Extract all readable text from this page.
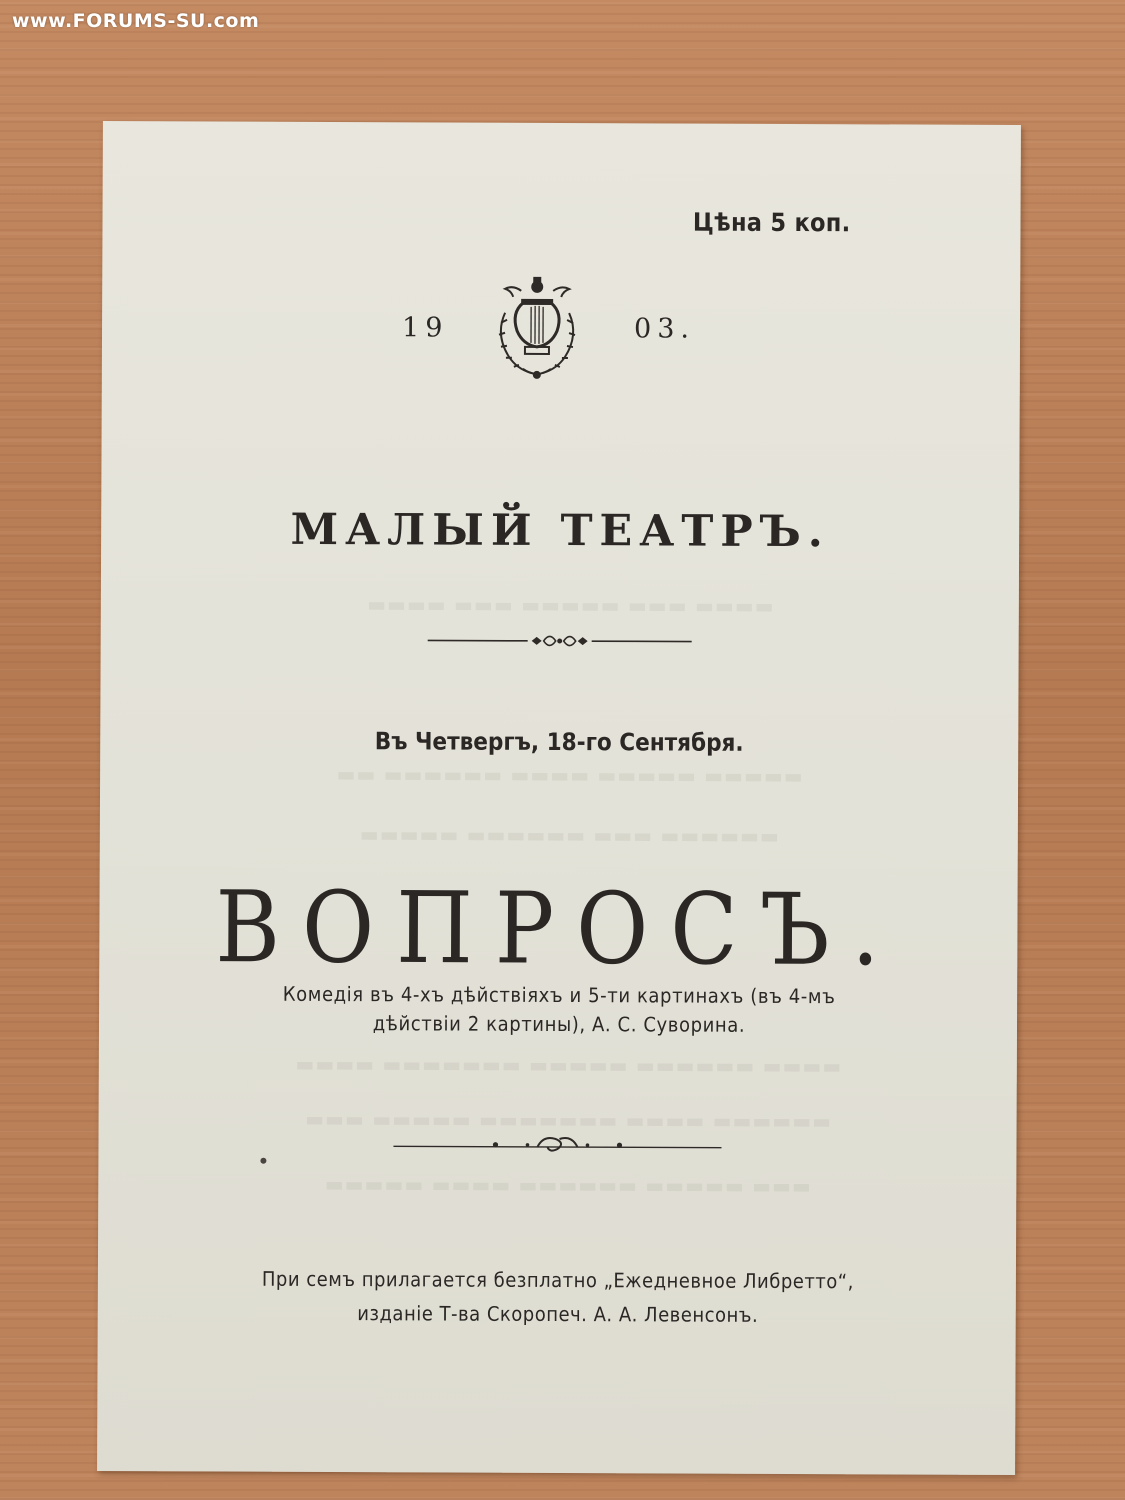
www.FORUMS-SU.com
▬▬▬▬ ▬▬▬ ▬▬▬▬▬ ▬▬▬ ▬▬▬▬
▬▬ ▬▬▬▬▬▬ ▬▬▬▬ ▬▬▬▬▬ ▬▬▬▬▬
▬▬▬▬▬ ▬▬▬▬▬▬ ▬▬▬ ▬▬▬▬▬▬
▬▬▬▬ ▬▬▬▬▬▬▬ ▬▬▬▬▬ ▬▬▬▬▬▬ ▬▬▬▬
▬▬▬ ▬▬▬▬▬ ▬▬▬▬▬▬▬ ▬▬▬▬ ▬▬▬▬▬▬
▬▬▬▬▬ ▬▬▬▬ ▬▬▬▬▬▬ ▬▬▬▬▬ ▬▬▬
Цѣна 5 коп.
19	03.
МАЛЫЙ ТЕАТРЪ.
Въ Четвергъ, 18-го Сентября.
ВОПРОСЪ.
Комедія въ 4-хъ дѣйствіяхъ и 5-ти картинахъ (въ 4-мъ
дѣйствіи 2 картины), А. С. Суворина.
При семъ прилагается безплатно „Ежедневное Либретто“,
изданіе Т-ва Скоропеч. А. А. Левенсонъ.
